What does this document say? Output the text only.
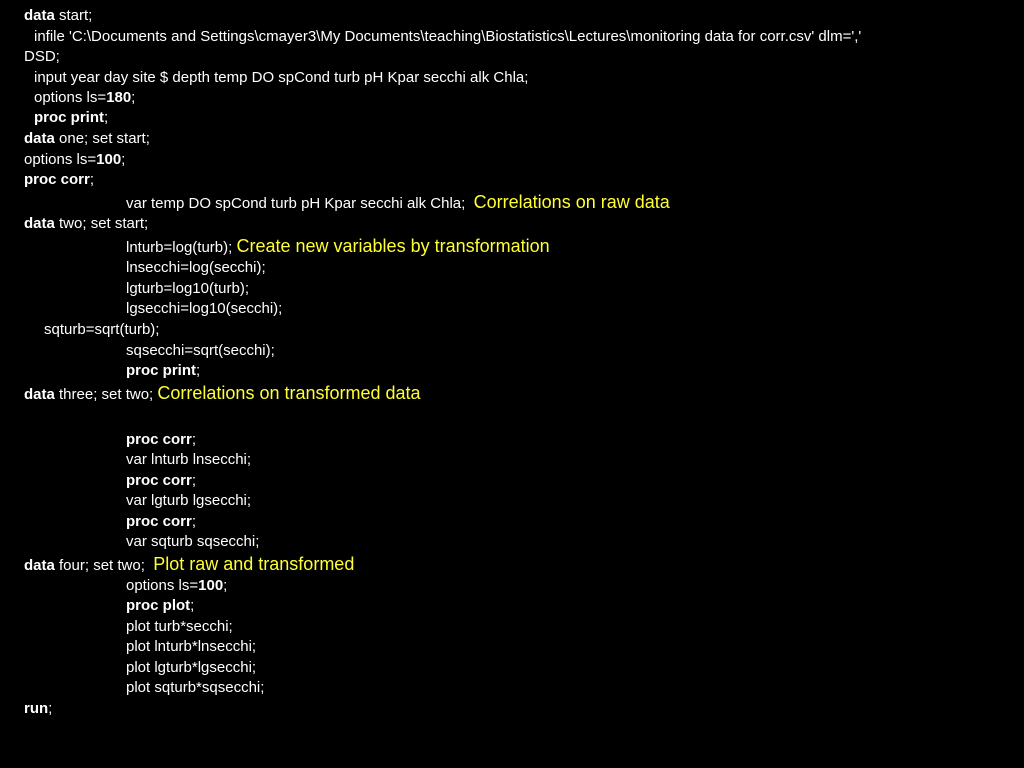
data start;
infile 'C:\Documents and Settings\cmayer3\My Documents\teaching\Biostatistics\Lectures\monitoring data for corr.csv' dlm=','
DSD;
input year day site $ depth temp DO spCond turb pH Kpar secchi alk Chla;
options ls=180;
proc print;
data one; set start;
options ls=100;
proc corr;
var temp DO spCond turb pH Kpar secchi alk Chla; Correlations on raw data
data two; set start;
lnturb=log(turb); Create new variables by transformation
lnsecchi=log(secchi);
lgturb=log10(turb);
lgsecchi=log10(secchi);
sqturb=sqrt(turb);
sqsecchi=sqrt(secchi);
proc print;
data three; set two; Correlations on transformed data
proc corr;
var lnturb lnsecchi;
proc corr;
var lgturb lgsecchi;
proc corr;
var sqturb sqsecchi;
data four; set two; Plot raw and transformed
options ls=100;
proc plot;
plot turb*secchi;
plot lnturb*lnsecchi;
plot lgturb*lgsecchi;
plot sqturb*sqsecchi;
run;
